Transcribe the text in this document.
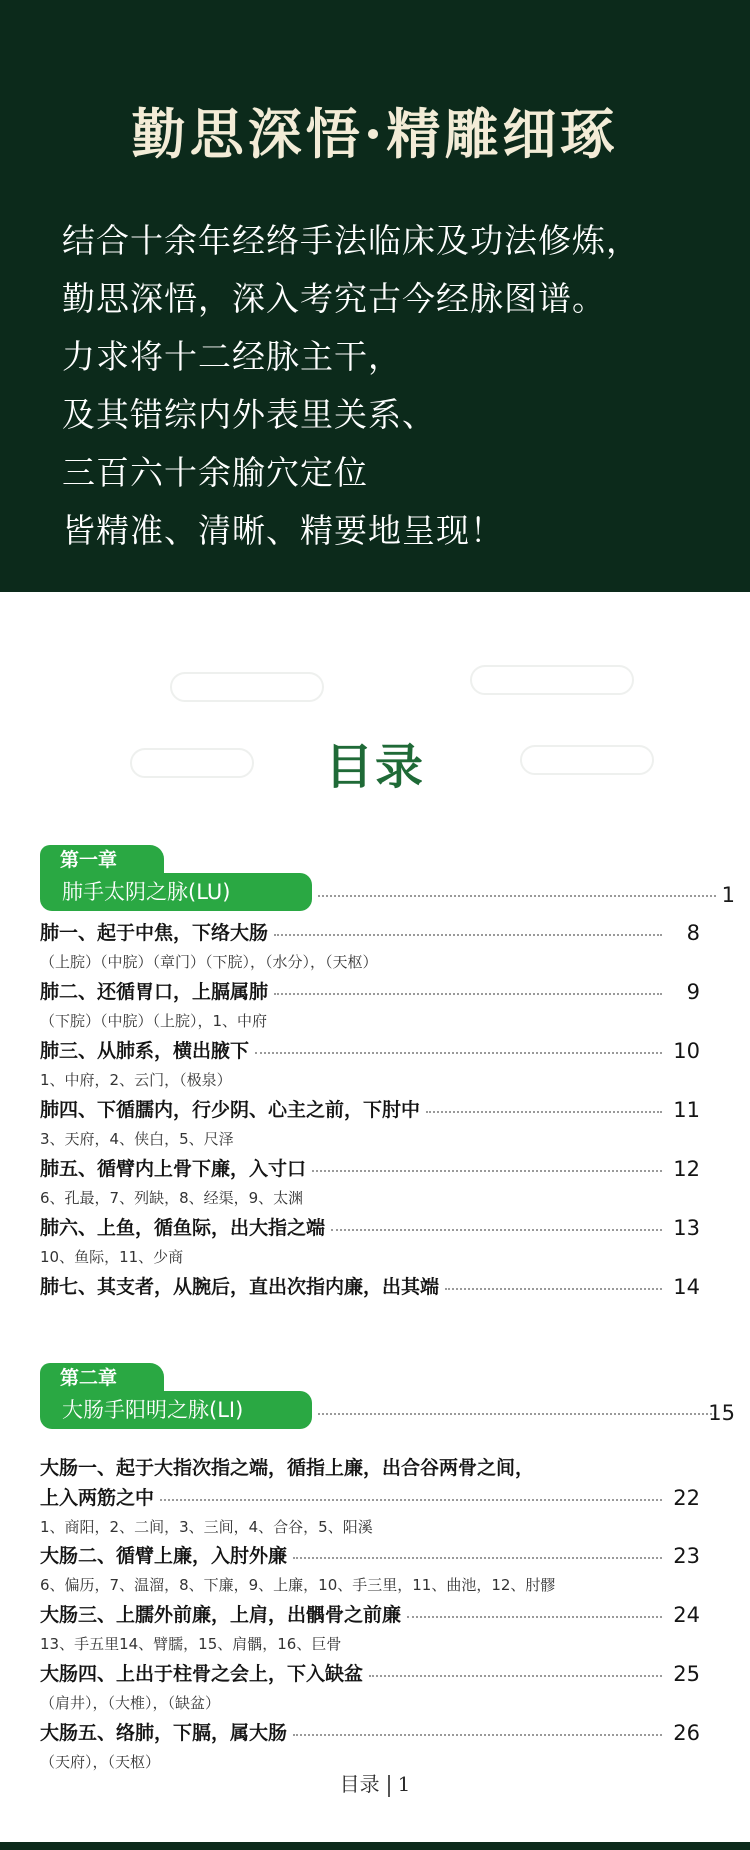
勤思深悟·精雕细琢
结合十余年经络手法临床及功法修炼，
勤思深悟，深入考究古今经脉图谱。
力求将十二经脉主干，
及其错综内外表里关系、
三百六十余腧穴定位
皆精准、清晰、精要地呈现！
目录
第一章
肺手太阴之脉(LU)	1
肺一、起于中焦，下络大肠	8
（上脘）（中脘）（章门）（下脘），（水分），（天枢）
肺二、还循胃口，上膈属肺	9
（下脘）（中脘）（上脘），1、中府
肺三、从肺系，横出腋下	10
1、中府，2、云门，（极泉）
肺四、下循臑内，行少阴、心主之前，下肘中	11
3、天府，4、侠白，5、尺泽
肺五、循臂内上骨下廉，入寸口	12
6、孔最，7、列缺，8、经渠，9、太渊
肺六、上鱼，循鱼际，出大指之端	13
10、鱼际，11、少商
肺七、其支者，从腕后，直出次指内廉，出其端	14
第二章
大肠手阳明之脉(LI)	15
大肠一、起于大指次指之端，循指上廉，出合谷两骨之间，
上入两筋之中	22
1、商阳，2、二间，3、三间，4、合谷，5、阳溪
大肠二、循臂上廉，入肘外廉	23
6、偏历，7、温溜，8、下廉，9、上廉，10、手三里，11、曲池，12、肘髎
大肠三、上臑外前廉，上肩，出髃骨之前廉	24
13、手五里14、臂臑，15、肩髃，16、巨骨
大肠四、上出于柱骨之会上，下入缺盆	25
（肩井），（大椎），（缺盆）
大肠五、络肺，下膈，属大肠	26
（天府），（天枢）
目录 1
